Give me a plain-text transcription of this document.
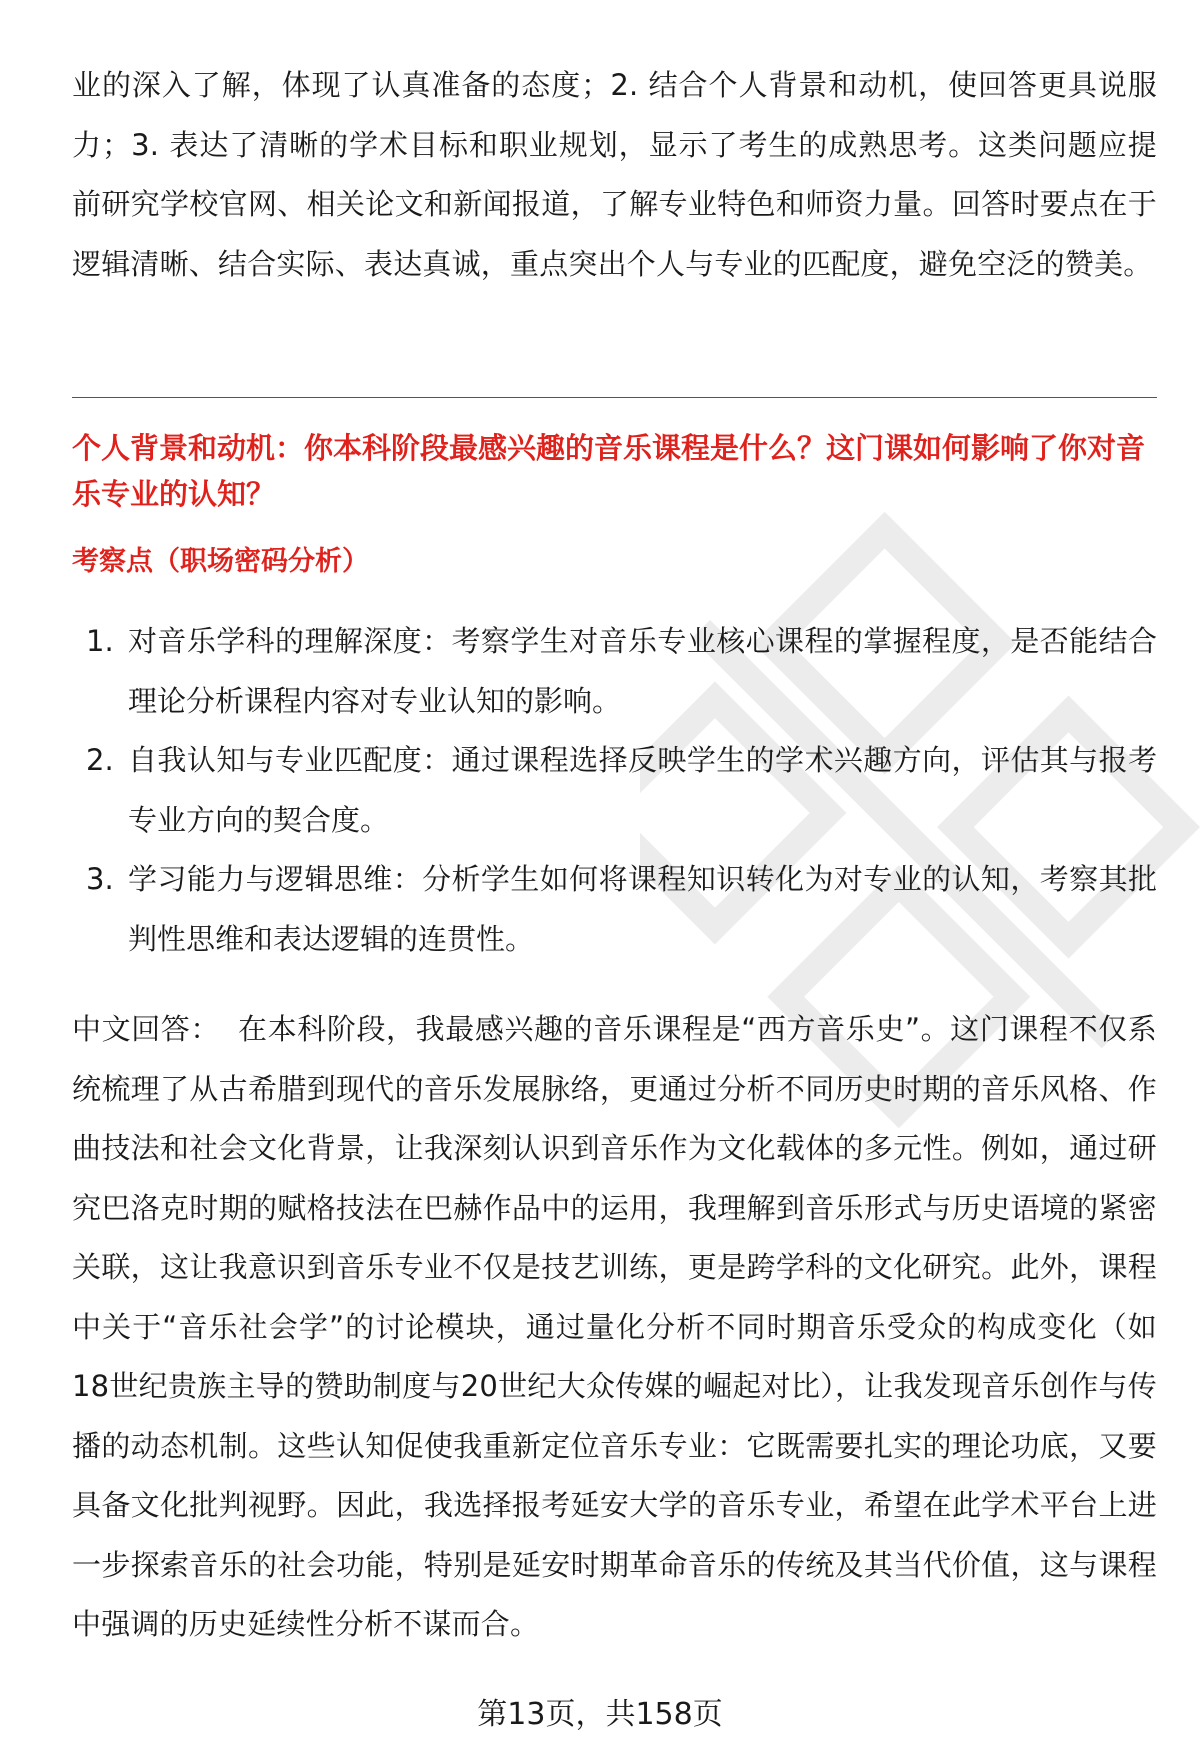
业的深入了解，体现了认真准备的态度；2. 结合个人背景和动机，使回答更具说服力；3. 表达了清晰的学术目标和职业规划，显示了考生的成熟思考。这类问题应提前研究学校官网、相关论文和新闻报道，了解专业特色和师资力量。回答时要点在于逻辑清晰、结合实际、表达真诚，重点突出个人与专业的匹配度，避免空泛的赞美。

个人背景和动机：你本科阶段最感兴趣的音乐课程是什么？这门课如何影响了你对音乐专业的认知？

考察点（职场密码分析）

1. 对音乐学科的理解深度：考察学生对音乐专业核心课程的掌握程度，是否能结合理论分析课程内容对专业认知的影响。
2. 自我认知与专业匹配度：通过课程选择反映学生的学术兴趣方向，评估其与报考专业方向的契合度。
3. 学习能力与逻辑思维：分析学生如何将课程知识转化为对专业的认知，考察其批判性思维和表达逻辑的连贯性。

中文回答： 在本科阶段，我最感兴趣的音乐课程是“西方音乐史”。这门课程不仅系统梳理了从古希腊到现代的音乐发展脉络，更通过分析不同历史时期的音乐风格、作曲技法和社会文化背景，让我深刻认识到音乐作为文化载体的多元性。例如，通过研究巴洛克时期的赋格技法在巴赫作品中的运用，我理解到音乐形式与历史语境的紧密关联，这让我意识到音乐专业不仅是技艺训练，更是跨学科的文化研究。此外，课程中关于“音乐社会学”的讨论模块，通过量化分析不同时期音乐受众的构成变化（如18世纪贵族主导的赞助制度与20世纪大众传媒的崛起对比），让我发现音乐创作与传播的动态机制。这些认知促使我重新定位音乐专业：它既需要扎实的理论功底，又要具备文化批判视野。因此，我选择报考延安大学的音乐专业，希望在此学术平台上进一步探索音乐的社会功能，特别是延安时期革命音乐的传统及其当代价值，这与课程中强调的历史延续性分析不谋而合。

第13页，共158页
